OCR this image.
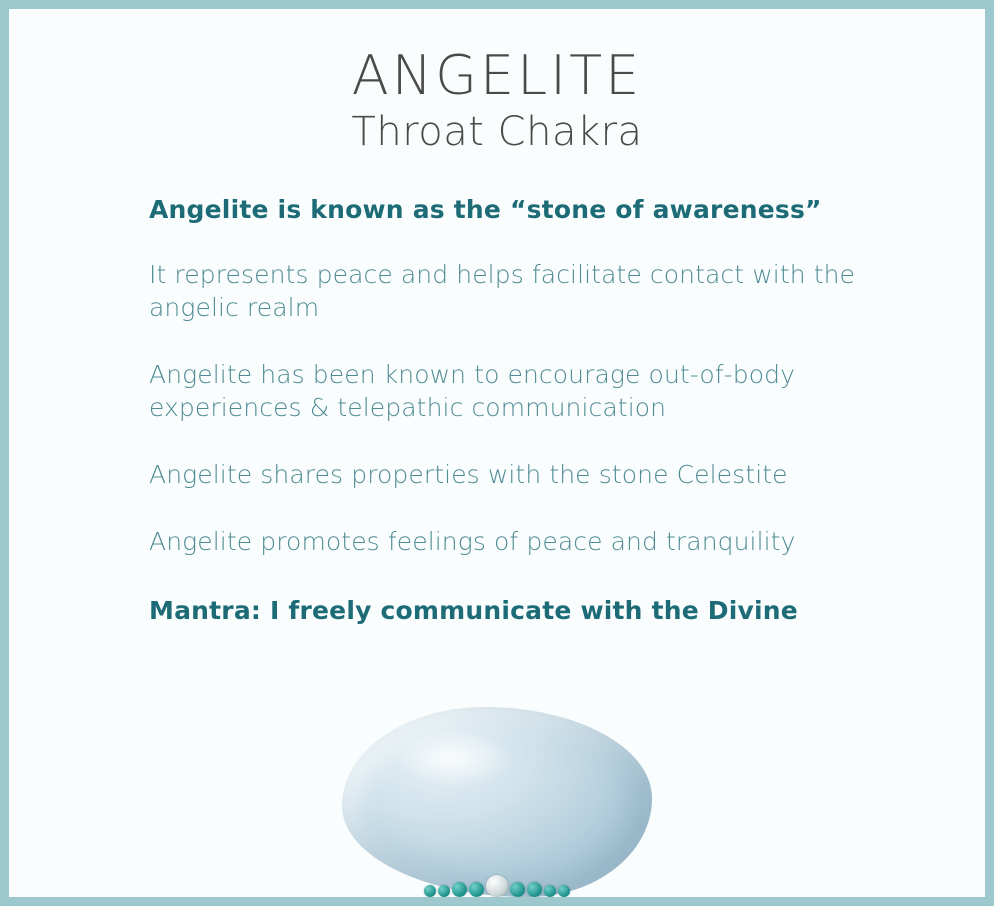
ANGELITE
Throat Chakra
Angelite is known as the “stone of awareness”
It represents peace and helps facilitate contact with the angelic realm
Angelite has been known to encourage out-of-body experiences & telepathic communication
Angelite shares properties with the stone Celestite
Angelite promotes feelings of peace and tranquility
Mantra: I freely communicate with the Divine
